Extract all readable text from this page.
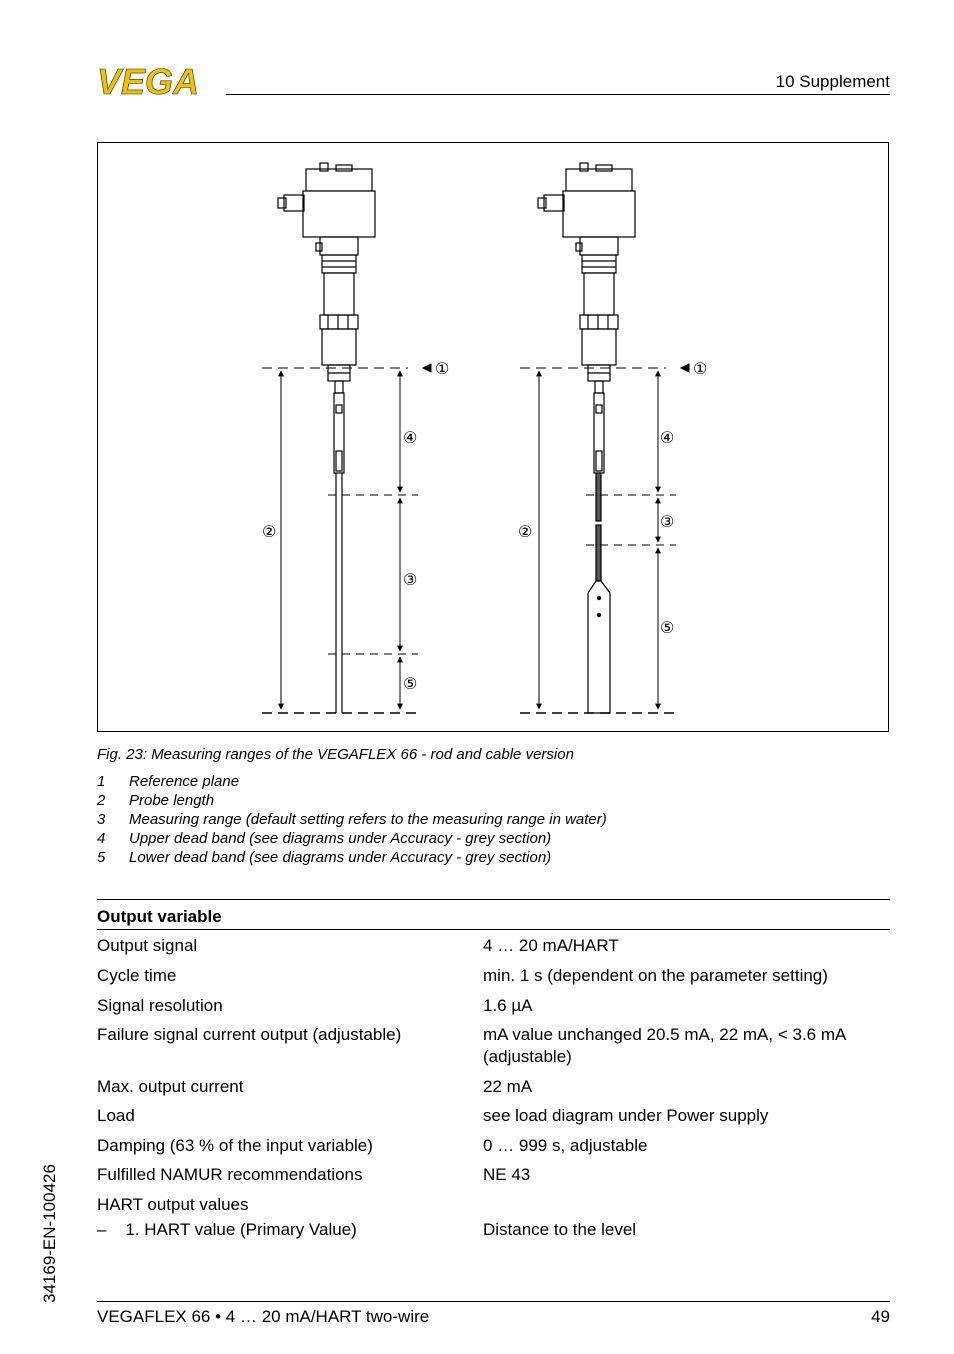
VEGA	10 Supplement
①
②
④
③
⑤
①
②
④
③
⑤
Fig. 23: Measuring ranges of the VEGAFLEX 66 - rod and cable version
1	Reference plane
2	Probe length
3	Measuring range (default setting refers to the measuring range in water)
4	Upper dead band (see diagrams under Accuracy - grey section)
5	Lower dead band (see diagrams under Accuracy - grey section)
Output variable
Output signal	4 … 20 mA/HART
Cycle time	min. 1 s (dependent on the parameter setting)
Signal resolution	1.6 µA
Failure signal current output (adjustable)	mA value unchanged 20.5 mA, 22 mA, < 3.6 mA
(adjustable)
Max. output current	22 mA
Load	see load diagram under Power supply
Damping (63 % of the input variable)	0 … 999 s, adjustable
Fulfilled NAMUR recommendations	NE 43
HART output values
–    1. HART value (Primary Value)	Distance to the level
34169-EN-100426
VEGAFLEX 66 • 4 … 20 mA/HART two-wire	49
